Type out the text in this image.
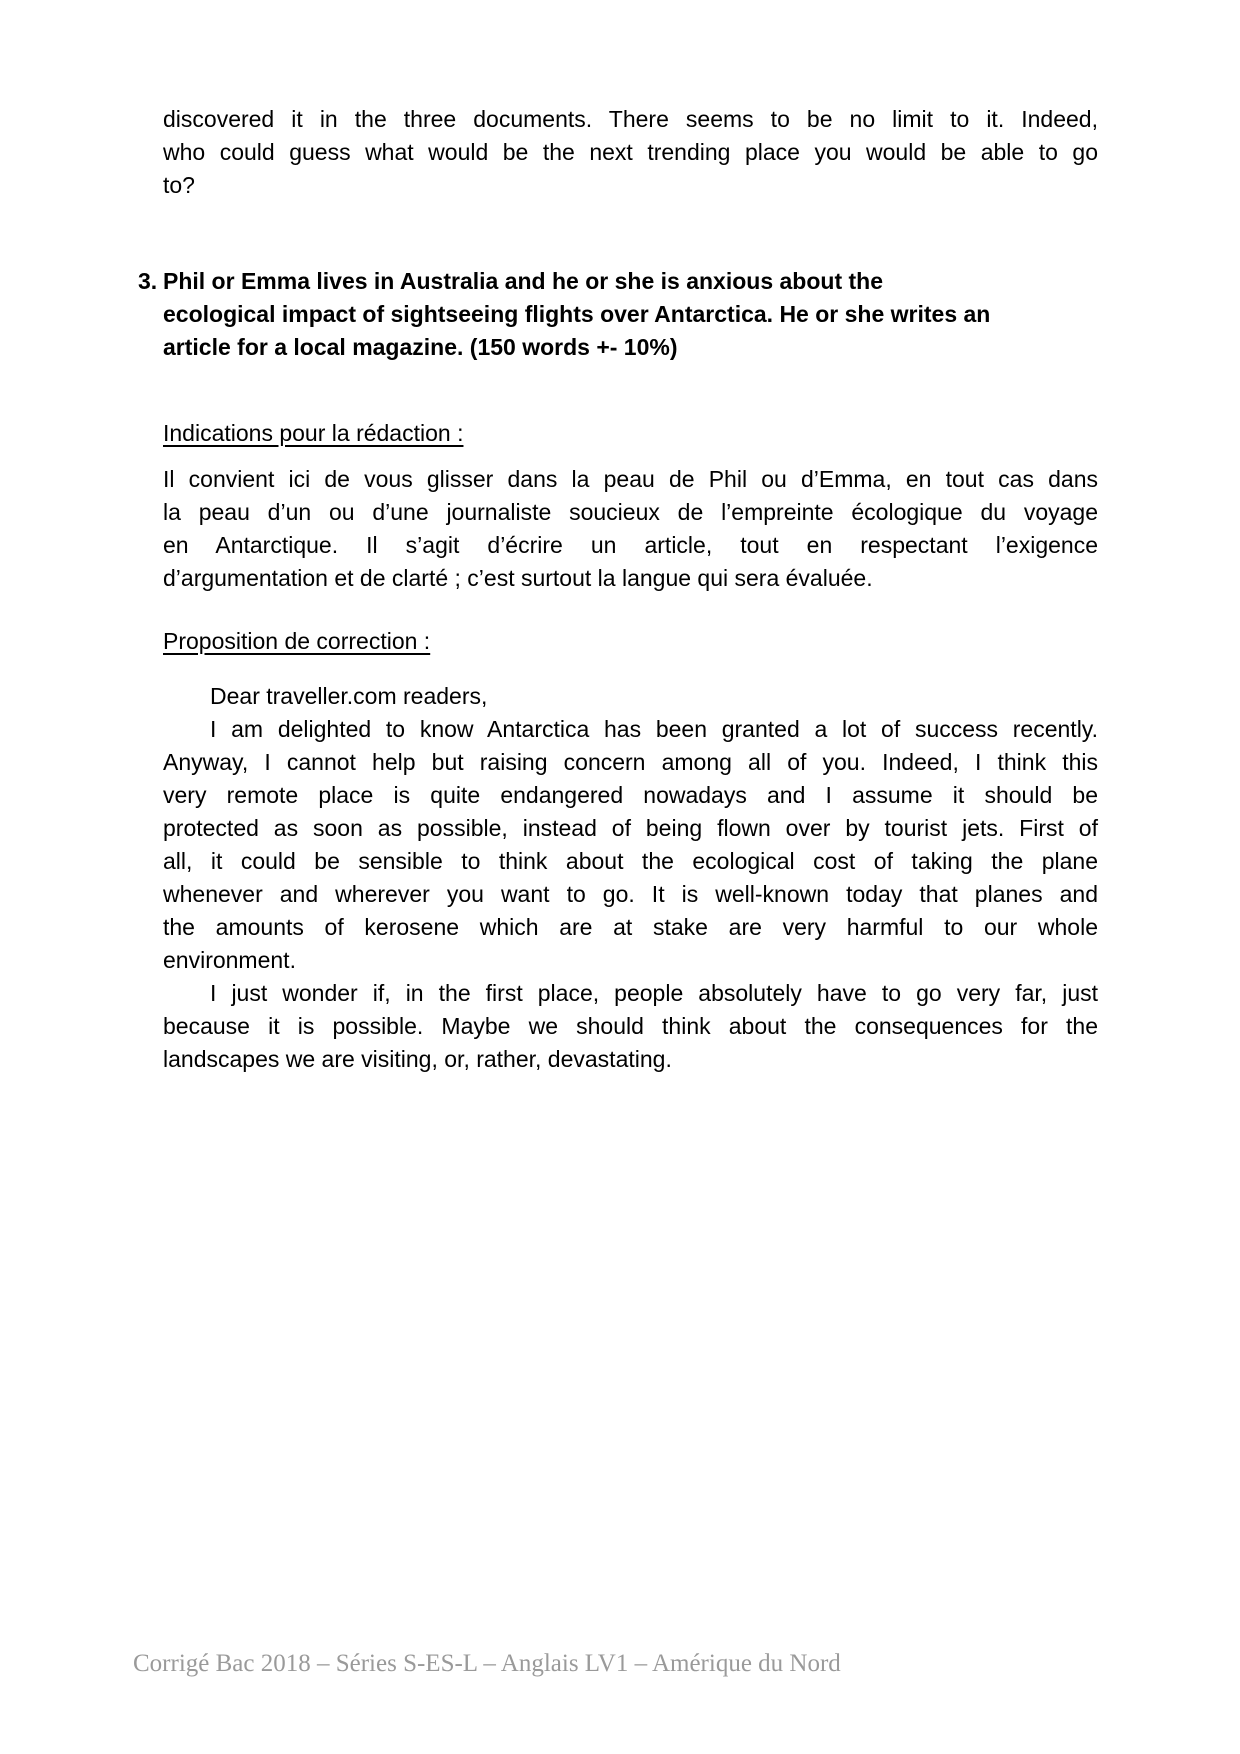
discovered it in the three documents. There seems to be no limit to it. Indeed,
who could guess what would be the next trending place you would be able to go
to?
3. Phil or Emma lives in Australia and he or she is anxious about the
ecological impact of sightseeing flights over Antarctica. He or she writes an
article for a local magazine. (150 words +- 10%)
Indications pour la rédaction :
Il convient ici de vous glisser dans la peau de Phil ou d’Emma, en tout cas dans
la peau d’un ou d’une journaliste soucieux de l’empreinte écologique du voyage
en Antarctique. Il s’agit d’écrire un article, tout en respectant l’exigence
d’argumentation et de clarté ; c’est surtout la langue qui sera évaluée.
Proposition de correction :
Dear traveller.com readers,
I am delighted to know Antarctica has been granted a lot of success recently.
Anyway, I cannot help but raising concern among all of you. Indeed, I think this
very remote place is quite endangered nowadays and I assume it should be
protected as soon as possible, instead of being flown over by tourist jets. First of
all, it could be sensible to think about the ecological cost of taking the plane
whenever and wherever you want to go. It is well-known today that planes and
the amounts of kerosene which are at stake are very harmful to our whole
environment.
I just wonder if, in the first place, people absolutely have to go very far, just
because it is possible. Maybe we should think about the consequences for the
landscapes we are visiting, or, rather, devastating.
Corrigé Bac 2018 – Séries S-ES-L – Anglais LV1 – Amérique du Nord
